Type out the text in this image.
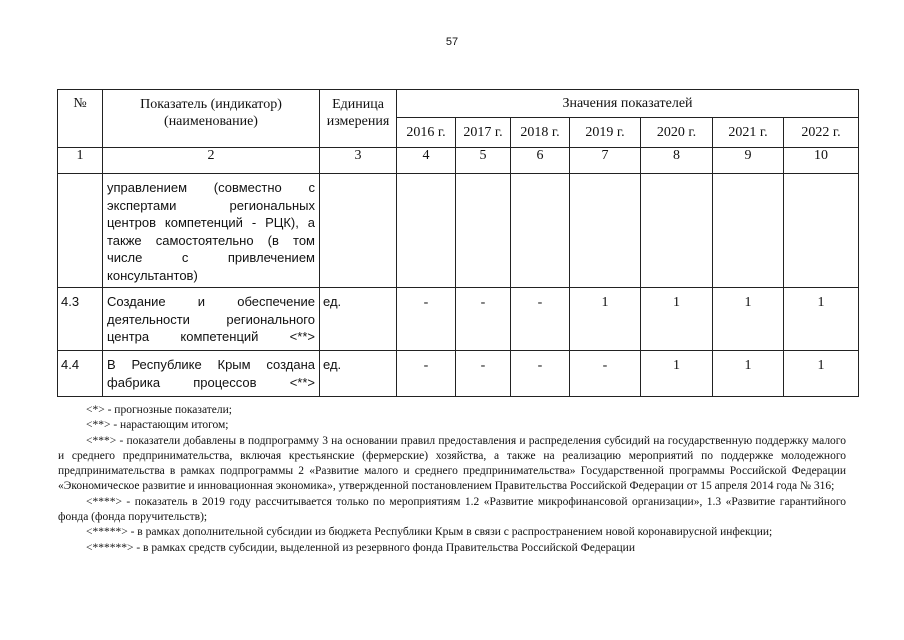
57
№	Показатель (индикатор) (наименование)	Единица измерения	Значения показателей						
			2016 г.	2017 г.	2018 г.	2019 г.	2020 г.	2021 г.	2022 г.
1	2	3	4	5	6	7	8	9	10
	управлением (совместно с экспертами региональных центров компетенций - РЦК), а также самостоятельно (в том числе с привлечением консультантов)								
4.3	Создание и обеспечение деятельности регионального центра компетенций <**>	ед.	-	-	-	1	1	1	1
4.4	В Республике Крым создана фабрика процессов <**>	ед.	-	-	-	-	1	1	1

<*> - прогнозные показатели;

<**> - нарастающим итогом;

<***> - показатели добавлены в подпрограмму 3 на основании правил предоставления и распределения субсидий на государственную поддержку малого и среднего предпринимательства, включая крестьянские (фермерские) хозяйства, а также на реализацию мероприятий по поддержке молодежного предпринимательства в рамках подпрограммы 2 «Развитие малого и среднего предпринимательства» Государственной программы Российской Федерации «Экономическое развитие и инновационная экономика», утвержденной постановлением Правительства Российской Федерации от 15 апреля 2014 года № 316;

<****> - показатель в 2019 году рассчитывается только по мероприятиям 1.2 «Развитие микрофинансовой организации», 1.3 «Развитие гарантийного фонда (фонда поручительств);

<*****> - в рамках дополнительной субсидии из бюджета Республики Крым в связи с распространением новой коронавирусной инфекции;

<******> - в рамках средств субсидии, выделенной из резервного фонда Правительства Российской Федерации
